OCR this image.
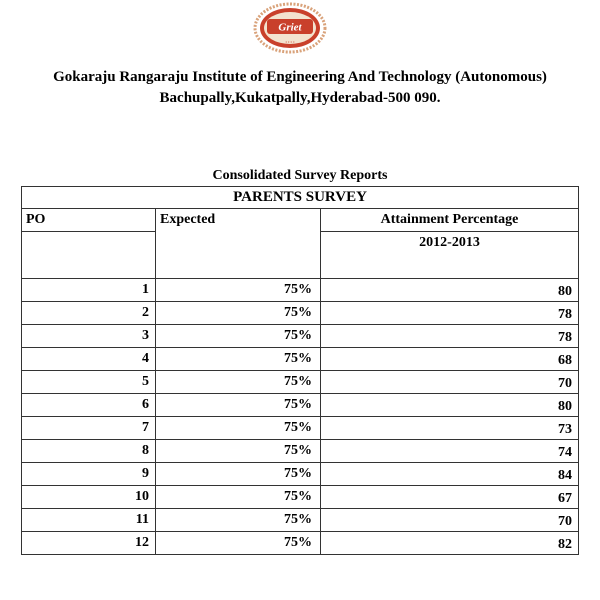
Griet
• • • •
Gokaraju Rangaraju Institute of Engineering And Technology (Autonomous)
Bachupally,Kukatpally,Hyderabad-500 090.
Consolidated Survey Reports
PARENTS SURVEY		
PO	Expected	Attainment Percentage
		2012-2013
1	75%	80
2	75%	78
3	75%	78
4	75%	68
5	75%	70
6	75%	80
7	75%	73
8	75%	74
9	75%	84
10	75%	67
11	75%	70
12	75%	82
